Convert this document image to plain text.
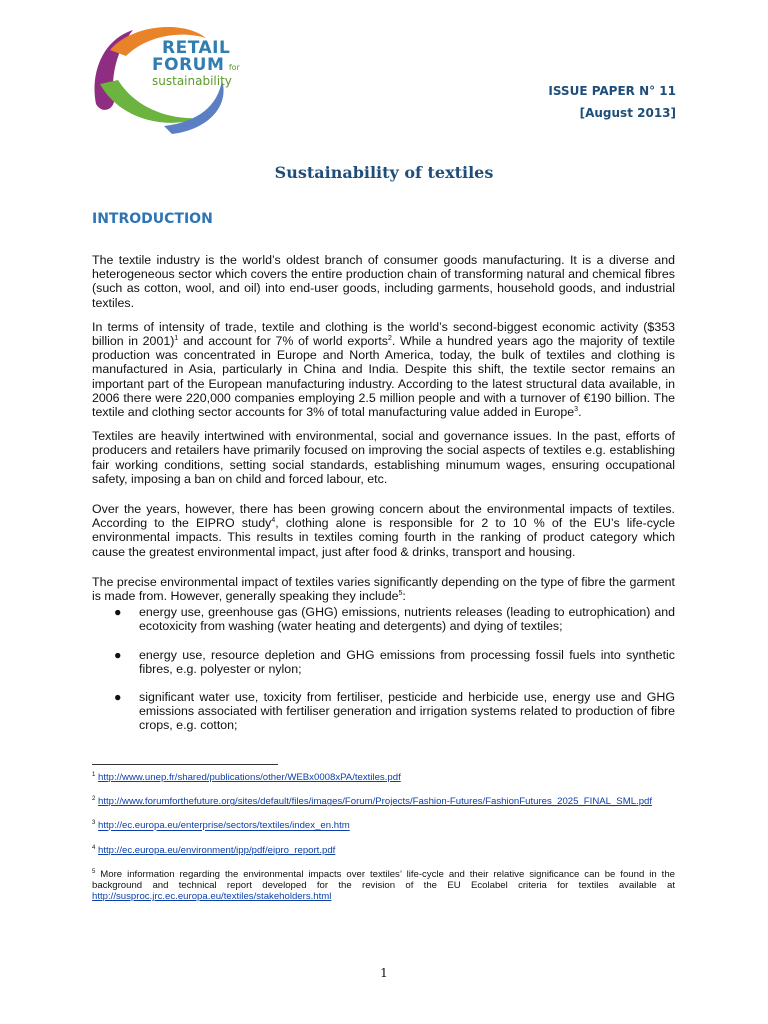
RETAIL
FORUM for
sustainability
ISSUE PAPER N° 11
[August 2013]
Sustainability of textiles
INTRODUCTION

The textile industry is the world’s oldest branch of consumer goods manufacturing. It is a diverse and heterogeneous sector which covers the entire production chain of transforming natural and chemical fibres (such as cotton, wool, and oil) into end-user goods, including garments, household goods, and industrial textiles.

In terms of intensity of trade, textile and clothing is the world’s second-biggest economic activity ($353 billion in 2001)$^1$ and account for 7% of world exports$^2$. While a hundred years ago the majority of textile production was concentrated in Europe and North America, today, the bulk of textiles and clothing is manufactured in Asia, particularly in China and India. Despite this shift, the textile sector remains an important part of the European manufacturing industry. According to the latest structural data available, in 2006 there were 220,000 companies employing 2.5 million people and with a turnover of €190 billion. The textile and clothing sector accounts for 3% of total manufacturing value added in Europe$^3$.

Textiles are heavily intertwined with environmental, social and governance issues. In the past, efforts of producers and retailers have primarily focused on improving the social aspects of textiles e.g. establishing fair working conditions, setting social standards, establishing minumum wages, ensuring occupational safety, imposing a ban on child and forced labour, etc.

Over the years, however, there has been growing concern about the environmental impacts of textiles. According to the EIPRO study$^4$, clothing alone is responsible for 2 to 10 % of the EU’s life-cycle environmental impacts. This results in textiles coming fourth in the ranking of product category which cause the greatest environmental impact, just after food & drinks, transport and housing.

The precise environmental impact of textiles varies significantly depending on the type of fibre the garment is made from. However, generally speaking they include$^5$:

● energy use, greenhouse gas (GHG) emissions, nutrients releases (leading to eutrophication) and ecotoxicity from washing (water heating and detergents) and dying of textiles;
● energy use, resource depletion and GHG emissions from processing fossil fuels into synthetic fibres, e.g. polyester or nylon;
● significant water use, toxicity from fertiliser, pesticide and herbicide use, energy use and GHG emissions associated with fertiliser generation and irrigation systems related to production of fibre crops, e.g. cotton;
$^1$ http://www.unep.fr/shared/publications/other/WEBx0008xPA/textiles.pdf
$^2$ http://www.forumforthefuture.org/sites/default/files/images/Forum/Projects/Fashion-Futures/FashionFutures_2025_FINAL_SML.pdf
$^3$ http://ec.europa.eu/enterprise/sectors/textiles/index_en.htm
$^4$ http://ec.europa.eu/environment/ipp/pdf/eipro_report.pdf
$^5$ More information regarding the environmental impacts over textiles’ life-cycle and their relative significance can be found in the background and technical report developed for the revision of the EU Ecolabel criteria for textiles available at http://susproc.jrc.ec.europa.eu/textiles/stakeholders.html
1
